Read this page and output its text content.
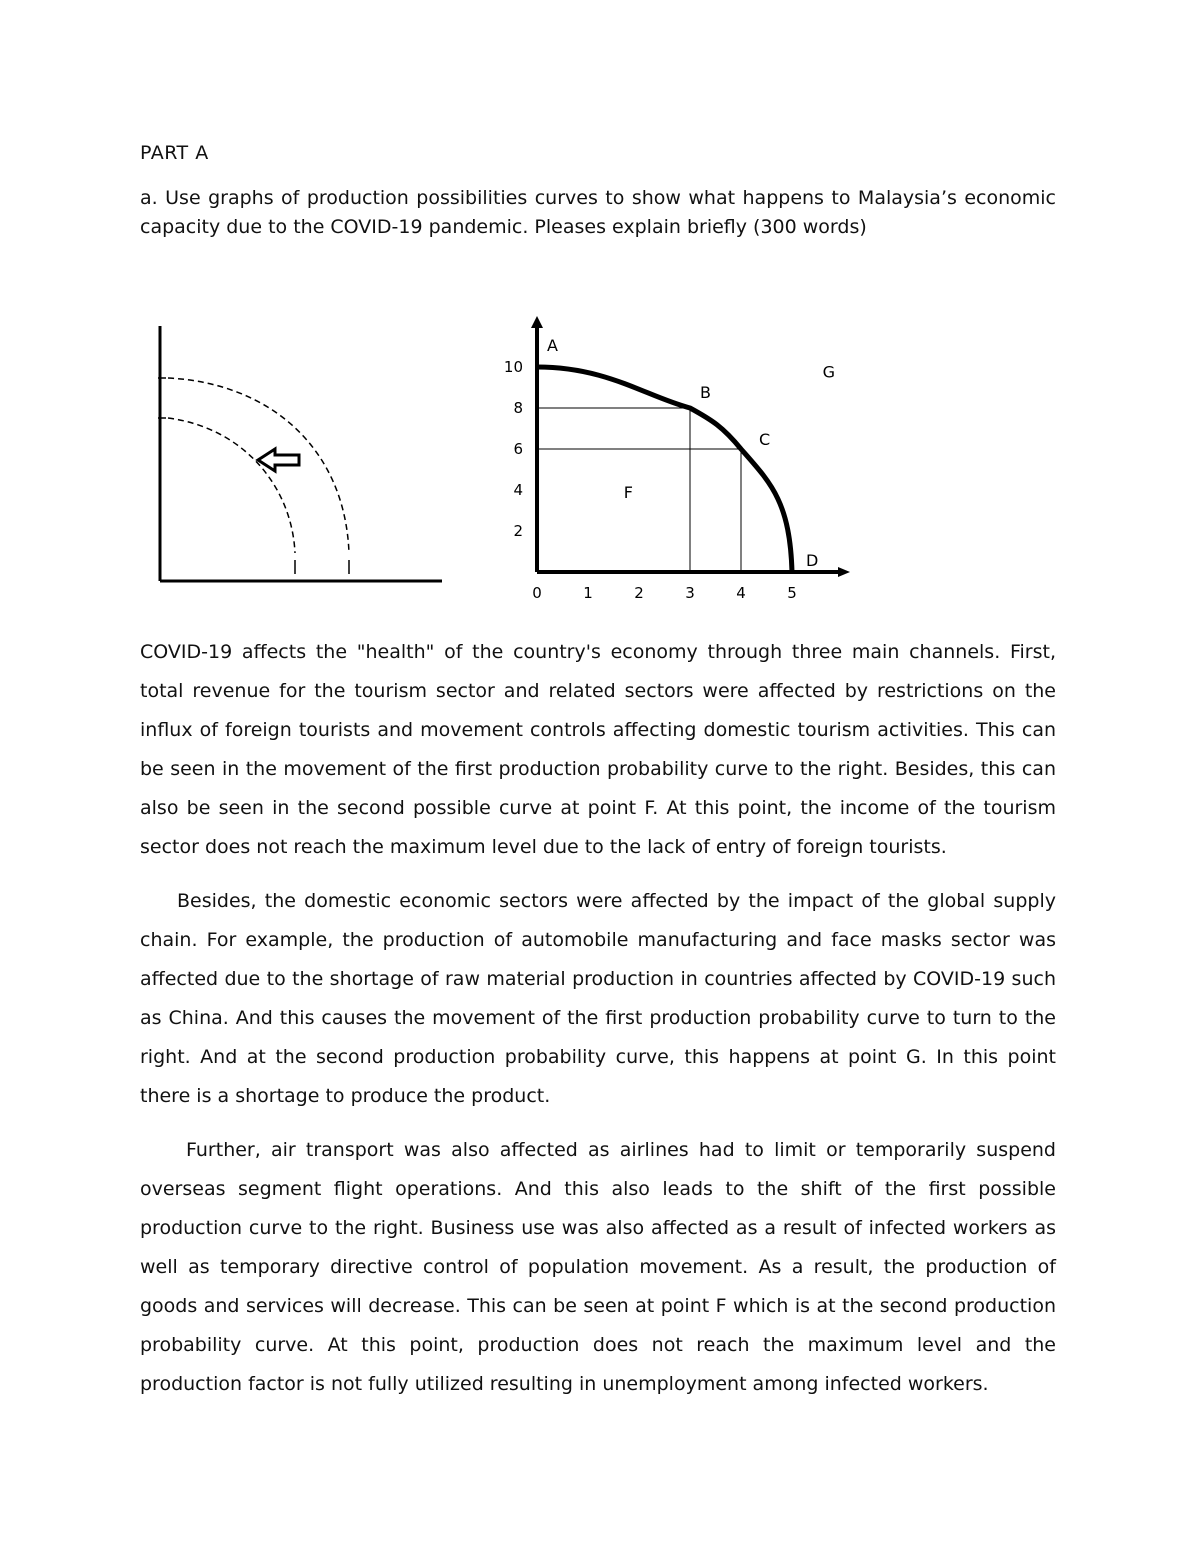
PART A
a. Use graphs of production possibilities curves to show what happens to Malaysia’s economic capacity due to the COVID-19 pandemic. Pleases explain briefly (300 words)
0	1	2	3	4	5
2
4
6
8
10
A
B
C
D
F
G
COVID-19 affects the "health" of the country's economy through three main channels. First, total revenue for the tourism sector and related sectors were affected by restrictions on the influx of foreign tourists and movement controls affecting domestic tourism activities. This can be seen in the movement of the first production probability curve to the right. Besides, this can also be seen in the second possible curve at point F. At this point, the income of the tourism sector does not reach the maximum level due to the lack of entry of foreign tourists.
Besides, the domestic economic sectors were affected by the impact of the global supply chain. For example, the production of automobile manufacturing and face masks sector was affected due to the shortage of raw material production in countries affected by COVID-19 such as China. And this causes the movement of the first production probability curve to turn to the right. And at the second production probability curve, this happens at point G. In this point there is a shortage to produce the product.
Further, air transport was also affected as airlines had to limit or temporarily suspend overseas segment flight operations. And this also leads to the shift of the first possible production curve to the right. Business use was also affected as a result of infected workers as well as temporary directive control of population movement. As a result, the production of goods and services will decrease. This can be seen at point F which is at the second production probability curve. At this point, production does not reach the maximum level and the production factor is not fully utilized resulting in unemployment among infected workers.
